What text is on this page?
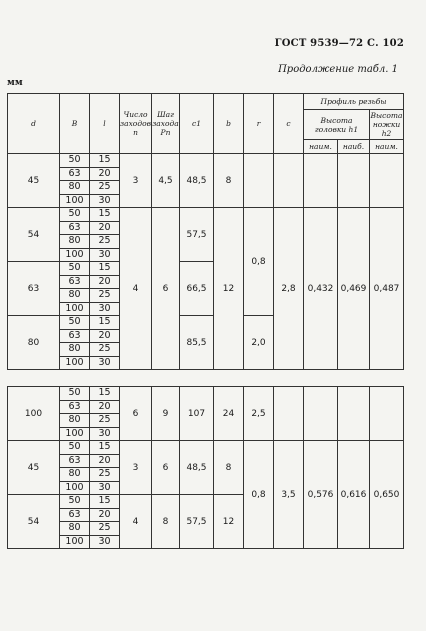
ГОСТ 9539—72 С. 102
Продолжение табл. 1
мм
d	B	l	Число заходов n	Шаг захода Pn	c1	b	r	c	Профиль резьбы		
									Высота головки h1		Высота ножки h2
									наим.	наиб.	наим.
45	50	15	3	4,5	48,5	8					
	63	20									
	80	25									
	100	30									
54	50	15	4	6	57,5	12	0,8	2,8	0,432	0,469	0,487
	63	20									
	80	25									
	100	30									
63	50	15			66,5						
	63	20									
	80	25									
	100	30									
80	50	15			85,5		2,0				
	63	20									
	80	25									
	100	30									
100	50	15	6	9	107	24	2,5				
	63	20									
	80	25									
	100	30									
45	50	15	3	6	48,5	8	0,8	3,5	0,576	0,616	0,650
	63	20									
	80	25									
	100	30									
54	50	15	4	8	57,5	12					
	63	20									
	80	25									
	100	30									
